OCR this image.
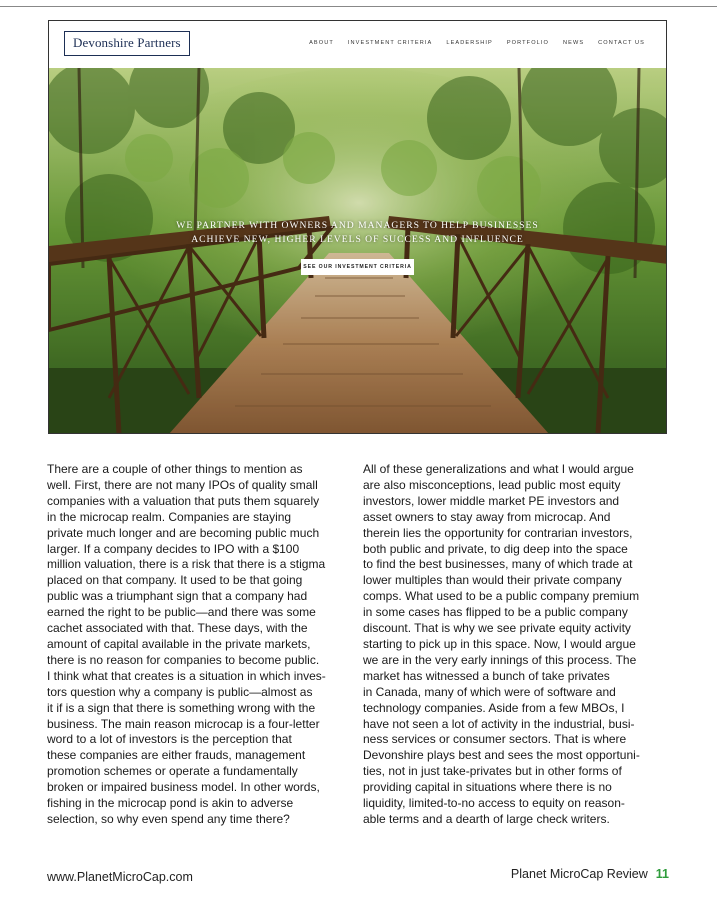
Devonshire Partners	ABOUT	INVESTMENT CRITERIA	LEADERSHIP	PORTFOLIO	NEWS	CONTACT US
WE PARTNER WITH OWNERS AND MANAGERS TO HELP BUSINESSES
ACHIEVE NEW, HIGHER LEVELS OF SUCCESS AND INFLUENCE
SEE OUR INVESTMENT CRITERIA
There are a couple of other things to mention as
well. First, there are not many IPOs of quality small
companies with a valuation that puts them squarely
in the microcap realm. Companies are staying
private much longer and are becoming public much
larger. If a company decides to IPO with a $100
million valuation, there is a risk that there is a stigma
placed on that company. It used to be that going
public was a triumphant sign that a company had
earned the right to be public—and there was some
cachet associated with that. These days, with the
amount of capital available in the private markets,
there is no reason for companies to become public.
I think what that creates is a situation in which inves-
tors question why a company is public—almost as
it if is a sign that there is something wrong with the
business. The main reason microcap is a four-letter
word to a lot of investors is the perception that
these companies are either frauds, management
promotion schemes or operate a fundamentally
broken or impaired business model. In other words,
fishing in the microcap pond is akin to adverse
selection, so why even spend any time there?
All of these generalizations and what I would argue
are also misconceptions, lead public most equity
investors, lower middle market PE investors and
asset owners to stay away from microcap. And
therein lies the opportunity for contrarian investors,
both public and private, to dig deep into the space
to find the best businesses, many of which trade at
lower multiples than would their private company
comps. What used to be a public company premium
in some cases has flipped to be a public company
discount. That is why we see private equity activity
starting to pick up in this space. Now, I would argue
we are in the very early innings of this process. The
market has witnessed a bunch of take privates
in Canada, many of which were of software and
technology companies. Aside from a few MBOs, I
have not seen a lot of activity in the industrial, busi-
ness services or consumer sectors. That is where
Devonshire plays best and sees the most opportuni-
ties, not in just take-privates but in other forms of
providing capital in situations where there is no
liquidity, limited-to-no access to equity on reason-
able terms and a dearth of large check writers.
www.PlanetMicroCap.com	Planet MicroCap Review 11
